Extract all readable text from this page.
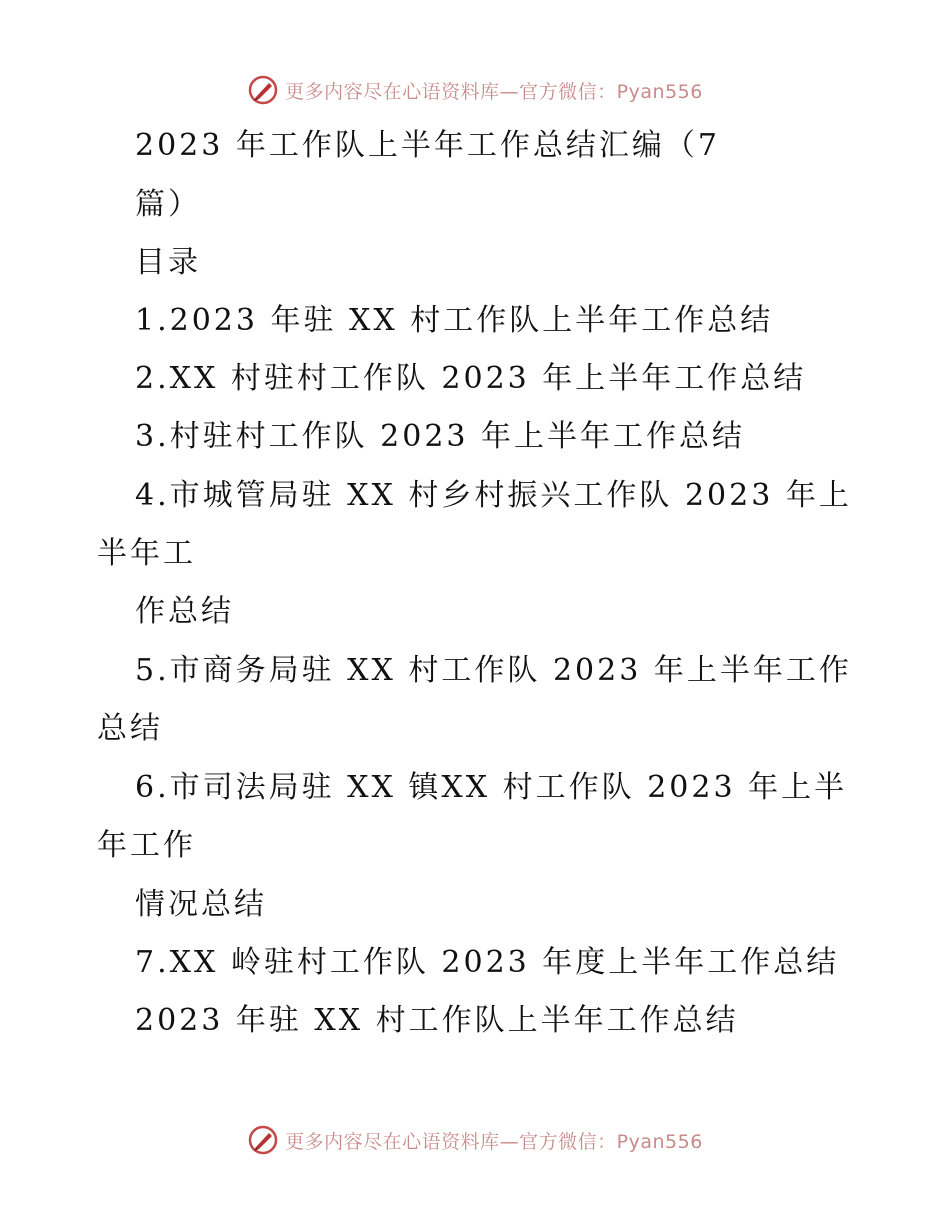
更多内容尽在心语资料库—官方微信：Pyan556
2023 年工作队上半年工作总结汇编（7
篇）
目录
1.2023 年驻 XX 村工作队上半年工作总结
2.XX 村驻村工作队 2023 年上半年工作总结
3.村驻村工作队 2023 年上半年工作总结
4.市城管局驻 XX 村乡村振兴工作队 2023 年上
半年工
作总结
5.市商务局驻 XX 村工作队 2023 年上半年工作
总结
6.市司法局驻 XX 镇XX 村工作队 2023 年上半
年工作
情况总结
7.XX 岭驻村工作队 2023 年度上半年工作总结
2023 年驻 XX 村工作队上半年工作总结
更多内容尽在心语资料库—官方微信：Pyan556
